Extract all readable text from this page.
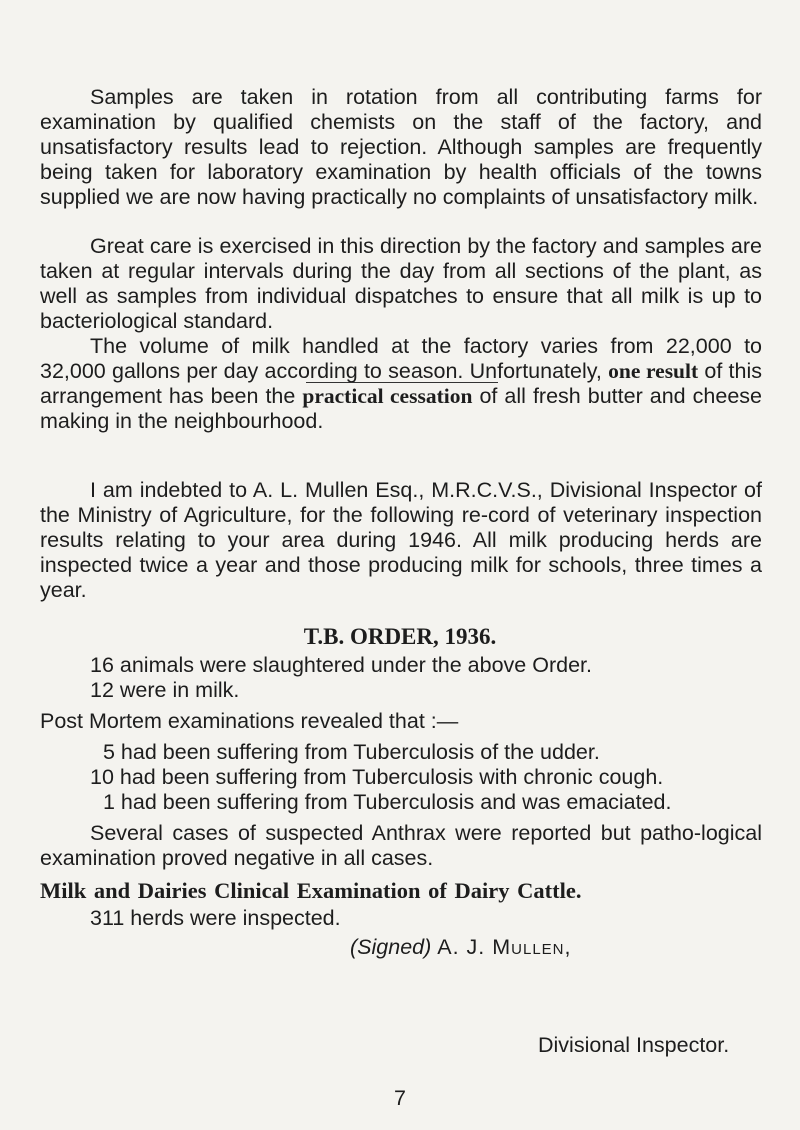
Samples are taken in rotation from all contributing farms for examination by qualified chemists on the staff of the factory, and unsatisfactory results lead to rejection. Although samples are frequently being taken for laboratory examination by health officials of the towns supplied we are now having practically no complaints of unsatisfactory milk.

Great care is exercised in this direction by the factory and samples are taken at regular intervals during the day from all sections of the plant, as well as samples from individual dispatches to ensure that all milk is up to bacteriological standard.

The volume of milk handled at the factory varies from 22,000 to 32,000 gallons per day according to season. Unfortunately, one result of this arrangement has been the practical cessation of all fresh butter and cheese making in the neighbourhood.

I am indebted to A. L. Mullen Esq., M.R.C.V.S., Divisional Inspector of the Ministry of Agriculture, for the following re-cord of veterinary inspection results relating to your area during 1946. All milk producing herds are inspected twice a year and those producing milk for schools, three times a year.

T.B. ORDER, 1936.

16 animals were slaughtered under the above Order.

12 were in milk.

Post Mortem examinations revealed that :—

5 had been suffering from Tuberculosis of the udder.

10 had been suffering from Tuberculosis with chronic cough.

1 had been suffering from Tuberculosis and was emaciated.

Several cases of suspected Anthrax were reported but patho-logical examination proved negative in all cases.

Milk and Dairies Clinical Examination of Dairy Cattle.

311 herds were inspected.

(Signed) A. J. Mullen,

Divisional Inspector.

7
